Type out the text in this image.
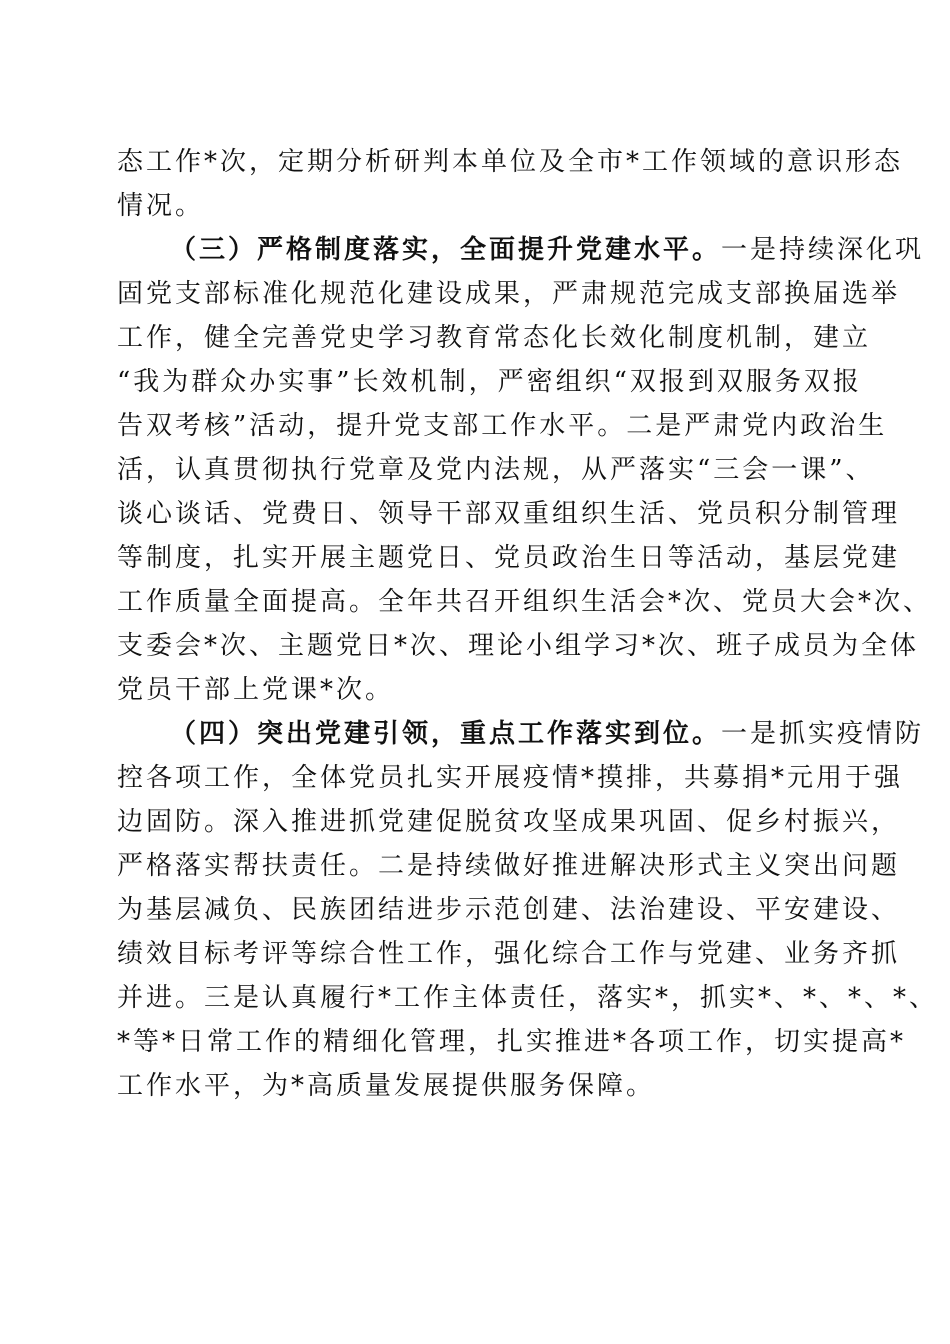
态工作*次，定期分析研判本单位及全市*工作领域的意识形态
情况。
（三）严格制度落实，全面提升党建水平。一是持续深化巩
固党支部标准化规范化建设成果，严肃规范完成支部换届选举
工作，健全完善党史学习教育常态化长效化制度机制，建立
“我为群众办实事”长效机制，严密组织“双报到双服务双报
告双考核”活动，提升党支部工作水平。二是严肃党内政治生
活，认真贯彻执行党章及党内法规，从严落实“三会一课”、
谈心谈话、党费日、领导干部双重组织生活、党员积分制管理
等制度，扎实开展主题党日、党员政治生日等活动，基层党建
工作质量全面提高。全年共召开组织生活会*次、党员大会*次、
支委会*次、主题党日*次、理论小组学习*次、班子成员为全体
党员干部上党课*次。
（四）突出党建引领，重点工作落实到位。一是抓实疫情防
控各项工作，全体党员扎实开展疫情*摸排，共募捐*元用于强
边固防。深入推进抓党建促脱贫攻坚成果巩固、促乡村振兴，
严格落实帮扶责任。二是持续做好推进解决形式主义突出问题
为基层减负、民族团结进步示范创建、法治建设、平安建设、
绩效目标考评等综合性工作，强化综合工作与党建、业务齐抓
并进。三是认真履行*工作主体责任，落实*，抓实*、*、*、*、
*等*日常工作的精细化管理，扎实推进*各项工作，切实提高*
工作水平，为*高质量发展提供服务保障。
